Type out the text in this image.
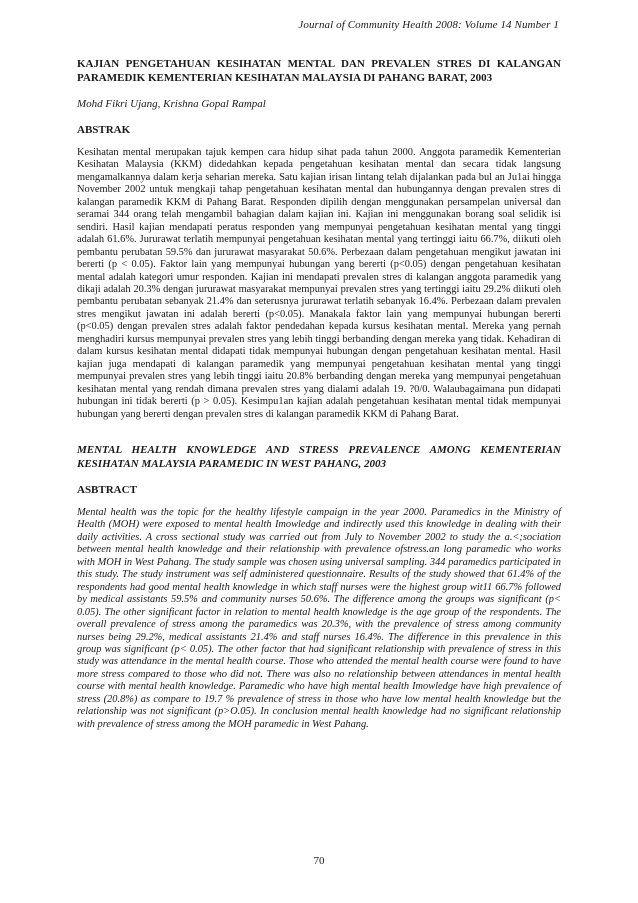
Journal of Community Health 2008: Volume 14 Number 1

KAJIAN PENGETAHUAN KESIHATAN MENTAL DAN PREVALEN STRES DI KALANGAN
PARAMEDIK KEMENTERIAN KESIHATAN MALAYSIA DI PAHANG BARAT, 2003

Mohd Fikri Ujang, Krishna Gopal Rampal

ABSTRAK

Kesihatan mental merupakan tajuk kempen cara hidup sihat pada tahun 2000. Anggota paramedik Kementerian Kesihatan Malaysia (KKM) didedahkan kepada pengetahuan kesihatan mental dan secara tidak langsung mengamalkannya dalam kerja seharian mereka. Satu kajian irisan lintang telah dijalankan pada bul an Ju1ai hingga November 2002 untuk mengkaji tahap pengetahuan kesihatan mental dan hubungannya dengan prevalen stres di kalangan paramedik KKM di Pahang Barat. Responden dipilih dengan menggunakan persampelan universal dan seramai 344 orang telah mengambil bahagian dalam kajian ini. Kajian ini menggunakan borang soal selidik isi sendiri. Hasil kajian mendapati peratus responden yang mempunyai pengetahuan kesihatan mental yang tinggi adalah 61.6%. Jururawat terlatih mempunyai pengetahuan kesihatan mental yang tertinggi iaitu 66.7%, diikuti oleh pembantu perubatan 59.5% dan jururawat masyarakat 50.6%. Perbezaan dalam pengetahuan mengikut jawatan ini bererti (p < 0.05). Faktor lain yang mempunyai hubungan yang bererti (p<0.05) dengan pengetahuan kesihatan mental adalah kategori umur responden. Kajian ini mendapati prevalen stres di kalangan anggota paramedik yang dikaji adalah 20.3% dengan jururawat masyarakat mempunyai prevalen stres yang tertinggi iaitu 29.2% diikuti oleh pembantu perubatan sebanyak 21.4% dan seterusnya jururawat terlatih sebanyak 16.4%. Perbezaan dalam prevalen stres mengikut jawatan ini adalah bererti (p<0.05). Manakala faktor lain yang mempunyai hubungan bererti (p<0.05) dengan prevalen stres adalah faktor pendedahan kepada kursus kesihatan mental. Mereka yang pernah menghadiri kursus mempunyai prevalen stres yang lebih tinggi berbanding dengan mereka yang tidak. Kehadiran di dalam kursus kesihatan mental didapati tidak mempunyai hubungan dengan pengetahuan kesihatan mental. Hasil kajian juga mendapati di kalangan paramedik yang mempunyai pengetahuan kesihatan mental yang tinggi mempunyai prevalen stres yang lebih tinggi iaitu 20.8% berbanding dengan mereka yang mempunyai pengetahuan kesihatan mental yang rendah dimana prevalen stres yang dialami adalah 19. ?0/0. Walaubagaimana pun didapati hubungan ini tidak bererti (p > 0.05). Kesimpu1an kajian adalah pengetahuan kesihatan mental tidak mempunyai hubungan yang bererti dengan prevalen stres di kalangan paramedik KKM di Pahang Barat.

MENTAL HEALTH KNOWLEDGE AND STRESS PREVALENCE AMONG KEMENTERIAN
KESIHATAN MALAYSIA PARAMEDIC IN WEST PAHANG, 2003

ASBTRACT

Mental health was the topic for the healthy lifestyle campaign in the year 2000. Paramedics in the Ministry of Health (MOH) were exposed to mental health Imowledge and indirectly used this knowledge in dealing with their daily activities. A cross sectional study was carried out from July to November 2002 to study the a.<;sociation between mental health knowledge and their relationship with prevalence ofstress.an long paramedic who works with MOH in West Pahang. The study sample was chosen using universal sampling. 344 paramedics participated in this study. The study instrument was self administered questionnaire. Results of the study showed that 61.4% of the respondents had good mental health knowledge in which staff nurses were the highest group wit11 66.7% followed by medical assistants 59.5% and community nurses 50.6%. The difference among the groups was significant (p< 0.05). The other significant factor in relation to mental health knowledge is the age group of the respondents. The overall prevalence of stress among the paramedics was 20.3%, with the prevalence of stress among community nurses being 29.2%, medical assistants 21.4% and staff nurses 16.4%. The difference in this prevalence in this group was significant (p< 0.05). The other factor that had significant relationship with prevalence of stress in this study was attendance in the mental health course. Those who attended the mental health course were found to have more stress compared to those who did not. There was also no relationship between attendances in mental health course with mental health knowledge. Paramedic who have high mental health Imowledge have high prevalence of stress (20.8%) as compare to 19.7 % prevalence of stress in those who have low mental health knowledge but the relationship was not significant (p>O.05). In conclusion mental health knowledge had no significant relationship with prevalence of stress among the MOH paramedic in West Pahang.

70
